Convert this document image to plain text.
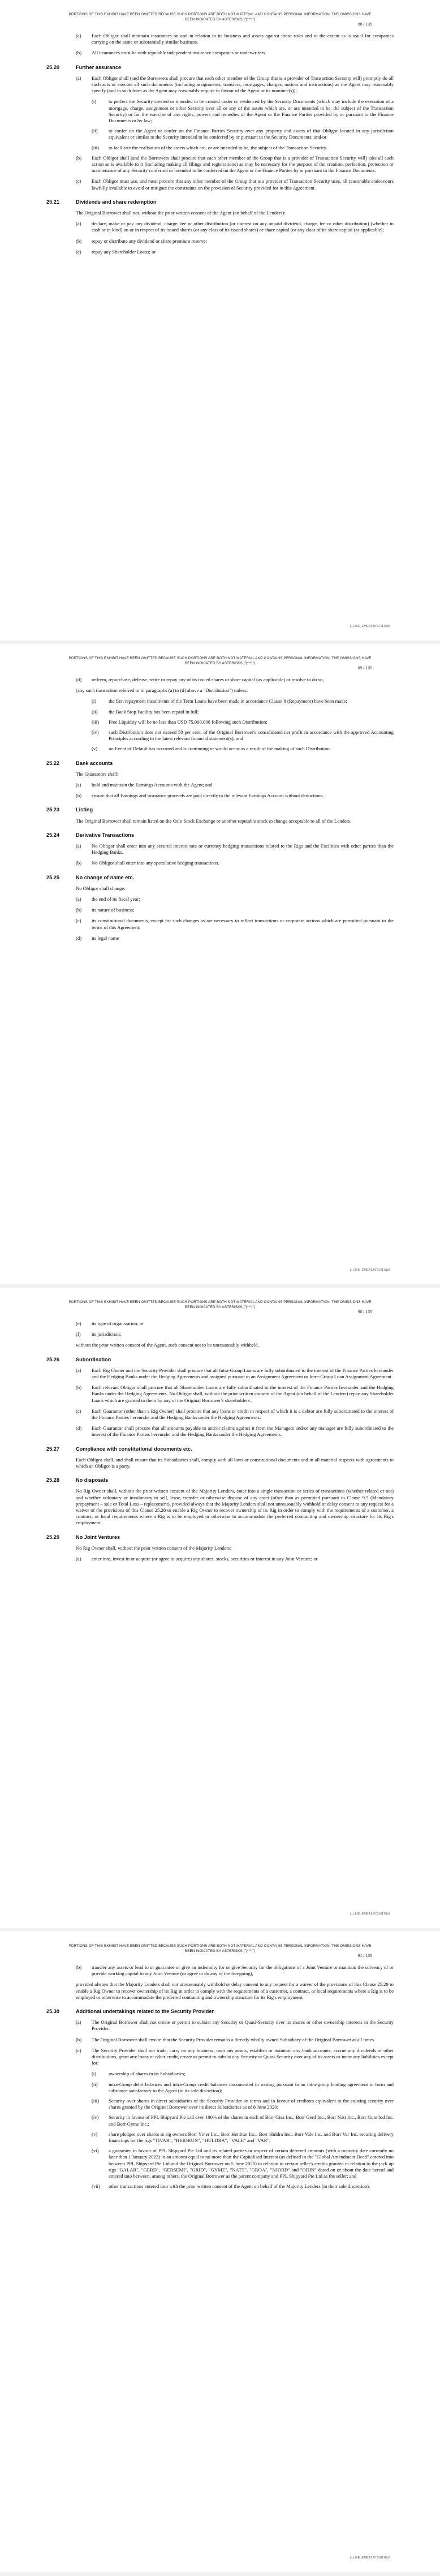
PORTIONS OF THIS EXHIBIT HAVE BEEN OMITTED BECAUSE SUCH PORTIONS ARE BOTH NOT MATERIAL AND CONTAINS PERSONAL INFORMATION. THE OMISSIONS HAVE BEEN INDICATED BY ASTERISKS ("[***]")
88 / 135
(a)	Each Obligor shall maintain insurances on and in relation to its business and assets against those risks and to the extent as is usual for companies carrying on the same or substantially similar business.
(b)	All insurances must be with reputable independent insurance companies or underwriters.
25.20	Further assurance
(a)	Each Obligor shall (and the Borrowers shall procure that each other member of the Group that is a provider of Transaction Security will) promptly do all such acts or execute all such documents (including assignments, transfers, mortgages, charges, notices and instructions) as the Agent may reasonably specify (and in such form as the Agent may reasonably require in favour of the Agent or its nominee(s)):
(i)	to perfect the Security created or intended to be created under or evidenced by the Security Documents (which may include the execution of a mortgage, charge, assignment or other Security over all or any of the assets which are, or are intended to be, the subject of the Transaction Security) or for the exercise of any rights, powers and remedies of the Agent or the Finance Parties provided by or pursuant to the Finance Documents or by law;
(ii)	to confer on the Agent or confer on the Finance Parties Security over any property and assets of that Obligor located in any jurisdiction equivalent or similar to the Security intended to be conferred by or pursuant to the Security Documents; and/or
(iii)	to facilitate the realisation of the assets which are, or are intended to be, the subject of the Transaction Security.
(b)	Each Obligor shall (and the Borrowers shall procure that each other member of the Group that is a provider of Transaction Security will) take all such action as is available to it (including making all filings and registrations) as may be necessary for the purpose of the creation, perfection, protection or maintenance of any Security conferred or intended to be conferred on the Agent or the Finance Parties by or pursuant to the Finance Documents.
(c)	Each Obligor must use, and must procure that any other member of the Group that is a provider of Transaction Security uses, all reasonable endeavours lawfully available to avoid or mitigate the constraints on the provision of Security provided for in this Agreement.
25.21	Dividends and share redemption

The Original Borrower shall not, without the prior written consent of the Agent (on behalf of the Lenders):

(a)	declare, make or pay any dividend, charge, fee or other distribution (or interest on any unpaid dividend, charge, fee or other distribution) (whether in cash or in kind) on or in respect of its issued shares (or any class of its issued shares) or share capital (or any class of its share capital (as applicable);
(b)	repay or distribute any dividend or share premium reserve;
(c)	repay any Shareholder Loans; or
L_LIVE_EMEA1:97914178v8
PORTIONS OF THIS EXHIBIT HAVE BEEN OMITTED BECAUSE SUCH PORTIONS ARE BOTH NOT MATERIAL AND CONTAINS PERSONAL INFORMATION. THE OMISSIONS HAVE BEEN INDICATED BY ASTERISKS ("[***]")
89 / 135
(d)	redeem, repurchase, defease, retire or repay any of its issued shares or share capital (as applicable) or resolve to do so,

(any such transaction referred to in paragraphs (a) to (d) above a "Distribution") unless:

(i)	the first repayment instalments of the Term Loans have been made in accordance Clause 8 (Repayment) have been made;
(ii)	the Back Stop Facility has been repaid in full;
(iii)	Free Liquidity will be no less than USD 75,000,000 following such Distribution;
(iv)	such Distribution does not exceed 50 per cent. of the Original Borrower's consolidated net profit in accordance with the approved Accounting Principles according to the latest relevant financial statement(s); and
(v)	no Event of Default has occurred and is continuing or would occur as a result of the making of such Distribution.
25.22	Bank accounts

The Guarantors shall:

(a)	hold and maintain the Earnings Accounts with the Agent; and
(b)	ensure that all Earnings and insurance proceeds are paid directly to the relevant Earnings Account without deductions.
25.23	Listing

The Original Borrower shall remain listed on the Oslo Stock Exchange or another reputable stock exchange acceptable to all of the Lenders.

25.24	Derivative Transactions
(a)	No Obligor shall enter into any secured interest rate or currency hedging transactions related to the Rigs and the Facilities with other parties than the Hedging Banks.
(b)	No Obligor shall enter into any speculative hedging transactions.
25.25	No change of name etc.

No Obligor shall change:

(a)	the end of its fiscal year;
(b)	its nature of business;
(c)	its constitutional documents, except for such changes as are necessary to reflect transactions or corporate actions which are permitted pursuant to the terms of this Agreement;
(d)	its legal name
L_LIVE_EMEA1:97914178v8
PORTIONS OF THIS EXHIBIT HAVE BEEN OMITTED BECAUSE SUCH PORTIONS ARE BOTH NOT MATERIAL AND CONTAINS PERSONAL INFORMATION. THE OMISSIONS HAVE BEEN INDICATED BY ASTERISKS ("[***]")
90 / 135
(e)	its type of organization; or
(f)	its jurisdiction;

without the prior written consent of the Agent, such consent not to be unreasonably withheld.

25.26	Subordination
(a)	Each Rig Owner and the Security Provider shall procure that all Intra-Group Loans are fully subordinated to the interest of the Finance Parties hereunder and the Hedging Banks under the Hedging Agreements and assigned pursuant to an Assignment Agreement or Intra-Group Loan Assignment Agreement.
(b)	Each relevant Obligor shall procure that all Shareholder Loans are fully subordinated to the interest of the Finance Parties hereunder and the Hedging Banks under the Hedging Agreements. No Obligor shall, without the prior written consent of the Agent (on behalf of the Lenders) repay any Shareholder Loans which are granted to them by any of the Original Borrower's shareholders.
(c)	Each Guarantor (other than a Rig Owner) shall procure that any loans or credit in respect of which it is a debtor are fully subordinated to the interest of the Finance Parties hereunder and the Hedging Banks under the Hedging Agreements.
(d)	Each Guarantor shall procure that all amounts payable to and/or claims against it from the Managers and/or any manager are fully subordinated to the interest of the Finance Parties hereunder and the Hedging Banks under the Hedging Agreements.
25.27	Compliance with constitutional documents etc.

Each Obligor shall, and shall ensure that its Subsidiaries shall, comply with all laws or constitutional documents and in all material respects with agreements to which an Obligor is a party.

25.28	No disposals

No Rig Owner shall, without the prior written consent of the Majority Lenders, enter into a single transaction or series of transactions (whether related or not) and whether voluntary or involuntary to sell, lease, transfer or otherwise dispose of any asset (other than as permitted pursuant to Clause 9.5 (Mandatory prepayment – sale or Total Loss – replacement), provided always that the Majority Lenders shall not unreasonably withhold or delay consent to any request for a waiver of the provisions of this Clause 25.28 to enable a Rig Owner to recover ownership of its Rig in order to comply with the requirements of a customer, a contract, or local requirements where a Rig is to be employed or otherwise to accommodate the preferred contracting and ownership structure for its Rig's employment.

25.29	No Joint Ventures

No Rig Owner shall, without the prior written consent of the Majority Lenders:

(a)	enter into, invest in or acquire (or agree to acquire) any shares, stocks, securities or interest in any Joint Venture; or
L_LIVE_EMEA1:97914178v8
PORTIONS OF THIS EXHIBIT HAVE BEEN OMITTED BECAUSE SUCH PORTIONS ARE BOTH NOT MATERIAL AND CONTAINS PERSONAL INFORMATION. THE OMISSIONS HAVE BEEN INDICATED BY ASTERISKS ("[***]")
91 / 135
(b)	transfer any assets or lend to or guarantee or give an indemnity for or give Security for the obligations of a Joint Venture or maintain the solvency of or provide working capital to any Joint Venture (or agree to do any of the foregoing),

provided always that the Majority Lenders shall not unreasonably withhold or delay consent to any request for a waiver of the provisions of this Clause 25.29 to enable a Rig Owner to recover ownership of its Rig in order to comply with the requirements of a customer, a contract, or local requirements where a Rig is to be employed or otherwise to accommodate the preferred contracting and ownership structure for its Rig's employment.

25.30	Additional undertakings related to the Security Provider
(a)	The Original Borrower shall not create or permit to subsist any Security or Quasi-Security over its shares or other ownership interests in the Security Provider.
(b)	The Original Borrower shall ensure that the Security Provider remains a directly wholly owned Subsidiary of the Original Borrower at all times.
(c)	The Security Provider shall not trade, carry on any business, own any assets, establish or maintain any bank accounts, accrue any dividends or other distributions, grant any loans or other credit, create or permit to subsist any Security or Quasi-Security over any of its assets or incur any liabilities except for:
(i)	ownership of shares in its Subsidiaries;
(ii)	intra-Group debit balances and intra-Group credit balances documented in writing pursuant to an intra-group lending agreement in form and substance satisfactory to the Agent (in its sole discretion);
(iii)	Security over shares in direct subsidiaries of the Security Provider on terms and in favour of creditors equivalent to the existing security over shares granted by the Original Borrower over its direct Subsidiaries as of 8 June 2020;
(iv)	Security in favour of PPL Shipyard Pte Ltd over 100% of the shares in each of Borr Gisa Inc., Borr Gerd Inc., Borr Natt Inc., Borr Gunnlod Inc. and Borr Gyme Inc.;
(v)	share pledges over shares in rig owners Borr Ymer Inc., Borr Heidrun Inc., Borr Huldra Inc., Borr Vale Inc. and Borr Var Inc. securing delivery financings for the rigs "TIVAR", "HEIDRUN", "HULDRA", "VALE" and "VAR";
(vi)	a guarantee in favour of PPL Shipyard Pte Ltd and its related parties in respect of certain deferred amounts (with a maturity date currently no later than 1 January 2022) in an amount equal to no more than the Capitalised Interest (as defined in the "Global Amendment Deed" entered into between PPL Shipyard Pte Ltd and the Original Borrower on 5 June 2020) in relation to certain seller's credits granted in relation to the jack up rigs "GALAR", "GERD", "GERSEMI", "GRID", "GYME", "NATT", "GROA", "NJORD" and "ODIN" dated on or about the date hereof and entered into between, among others, the Original Borrower as the parent company and PPL Shipyard Pte Ltd as the seller; and
(vii)	other transactions entered into with the prior written consent of the Agent on behalf of the Majority Lenders (in their sole discretion).
L_LIVE_EMEA1:97914178v8
